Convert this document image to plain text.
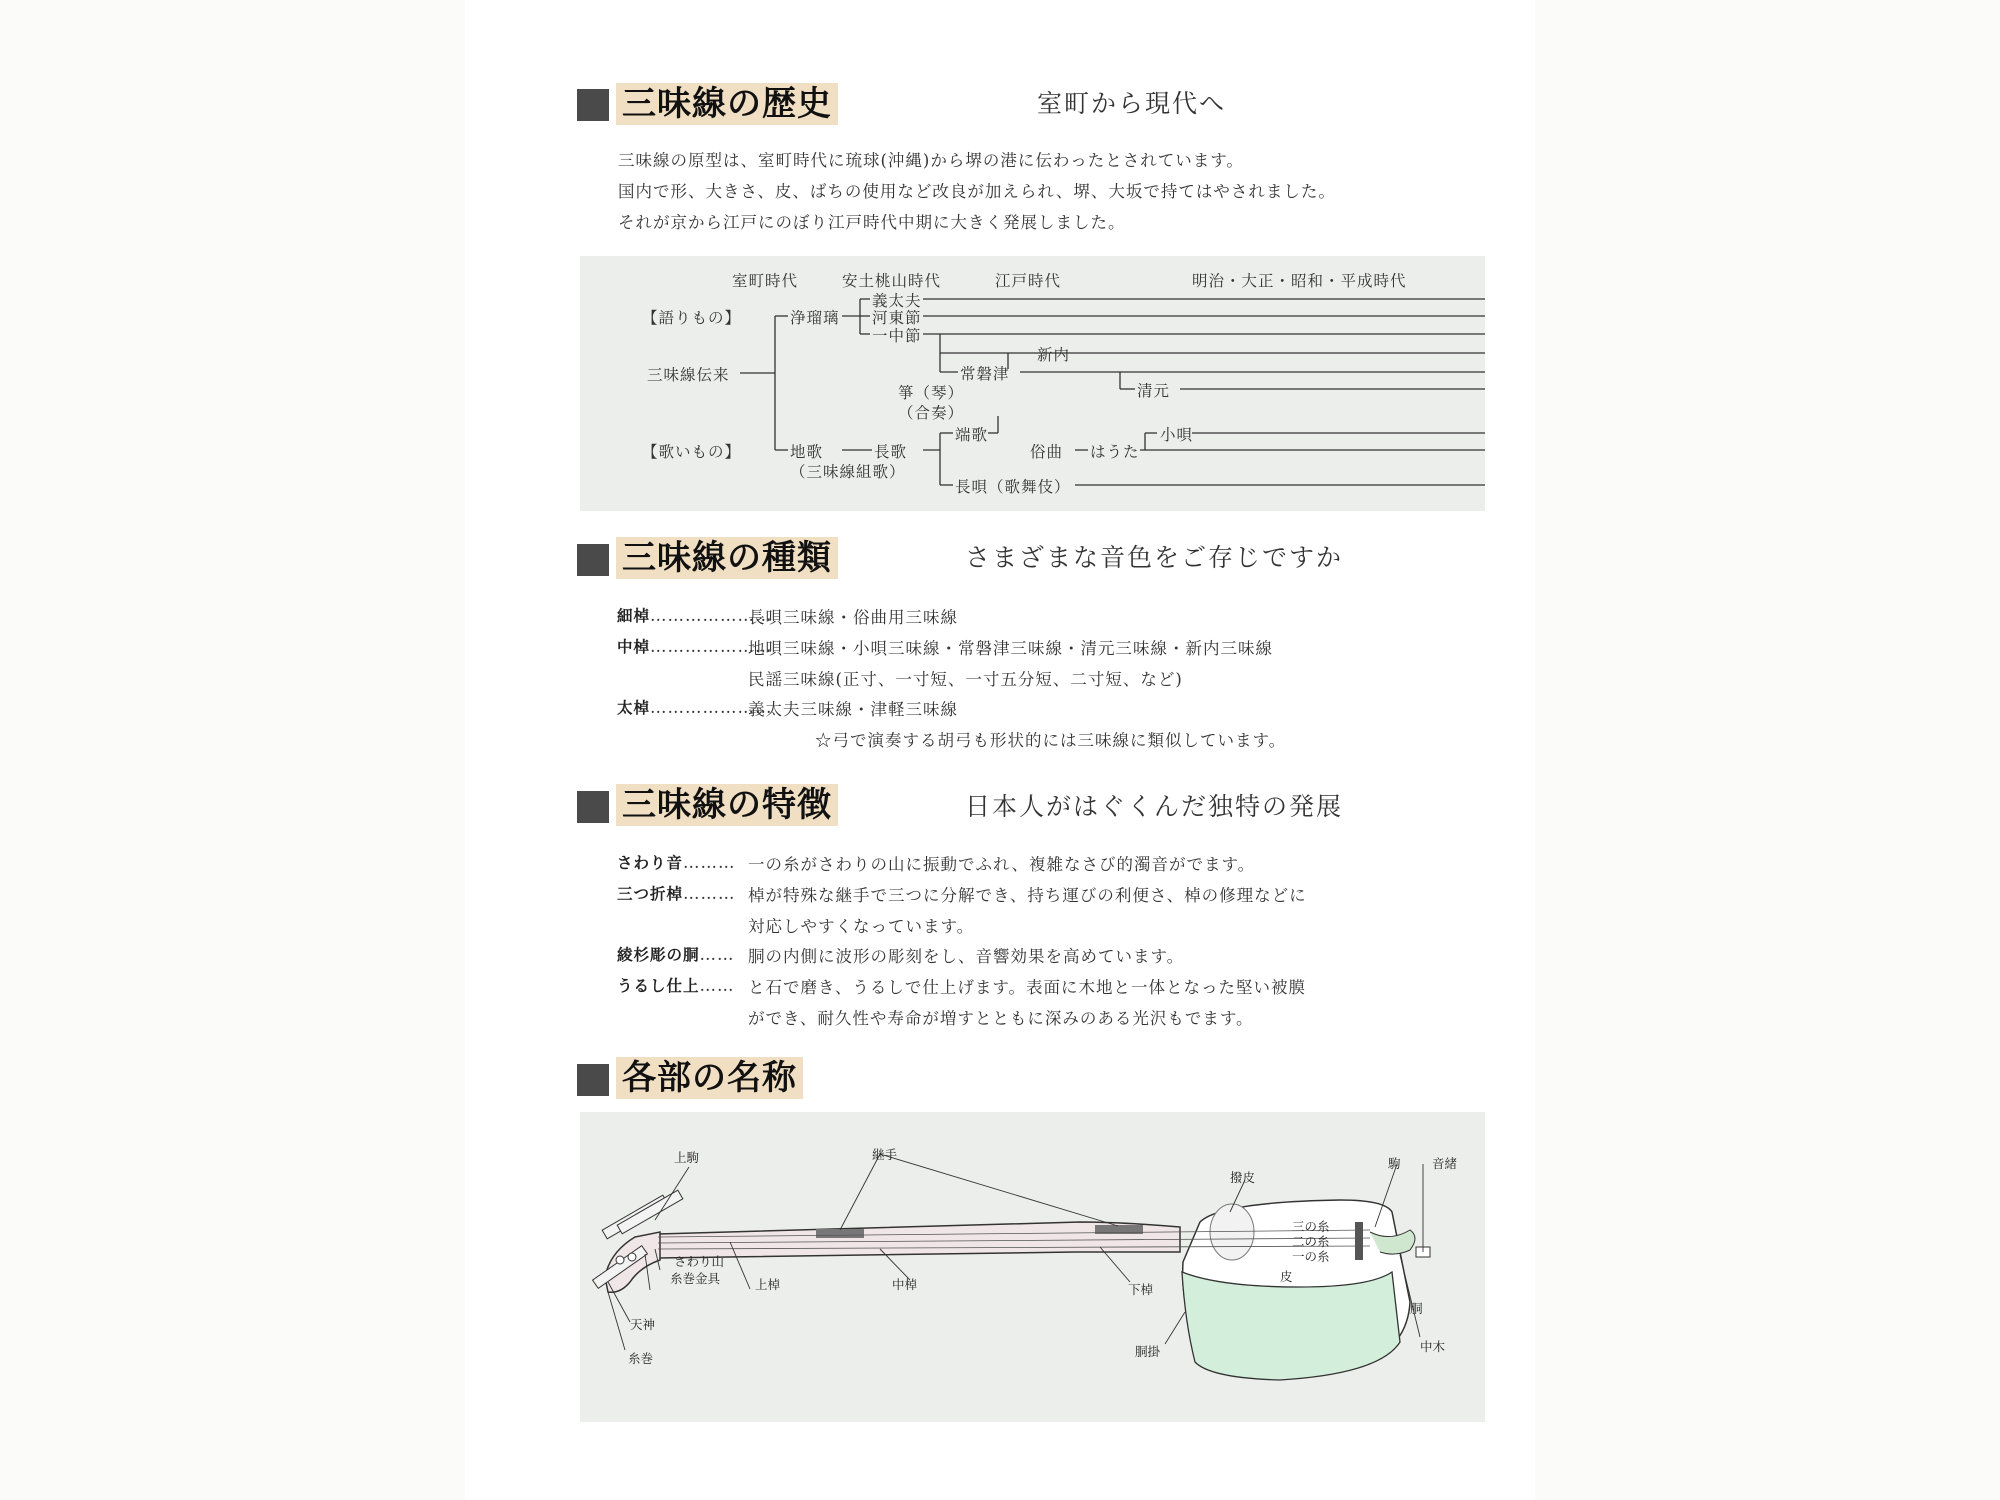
三味線の歴史	室町から現代へ
三味線の原型は、室町時代に琉球(沖縄)から堺の港に伝わったとされています。
国内で形、大きさ、皮、ばちの使用など改良が加えられ、堺、大坂で持てはやされました。
それが京から江戸にのぼり江戸時代中期に大きく発展しました。
室町時代	安土桃山時代	江戸時代	明治・大正・昭和・平成時代
【語りもの】
三味線伝来
【歌いもの】
浄瑠璃
義太夫
河東節
一中節
新内
常磐津
清元
箏（琴）
（合奏）
地歌
（三味線組歌）
長歌
端歌
俗曲 はうた
小唄
長唄（歌舞伎）
三味線の種類	さまざまな音色をご存じですか
細棹…………………
長唄三味線・俗曲用三味線
中棹…………………
地唄三味線・小唄三味線・常磐津三味線・清元三味線・新内三味線
民謡三味線(正寸、一寸短、一寸五分短、二寸短、など)
太棹…………………
義太夫三味線・津軽三味線
☆弓で演奏する胡弓も形状的には三味線に類似しています。
三味線の特徴	日本人がはぐくんだ独特の発展
さわり音……… 一の糸がさわりの山に振動でふれ、複雑なさび的濁音がでます。
三つ折棹……… 棹が特殊な継手で三つに分解でき、持ち運びの利便さ、棹の修理などに
対応しやすくなっています。
綾杉彫の胴…… 胴の内側に波形の彫刻をし、音響効果を高めています。
うるし仕上…… と石で磨き、うるしで仕上げます。表面に木地と一体となった堅い被膜
ができ、耐久性や寿命が増すとともに深みのある光沢もでます。
各部の名称
上駒	継手
撥皮
駒	音緒
三の糸
二の糸
一の糸
皮
さわり山
糸巻金具	上棹	中棹	下棹
胴
天神
糸巻	胴掛	中木
